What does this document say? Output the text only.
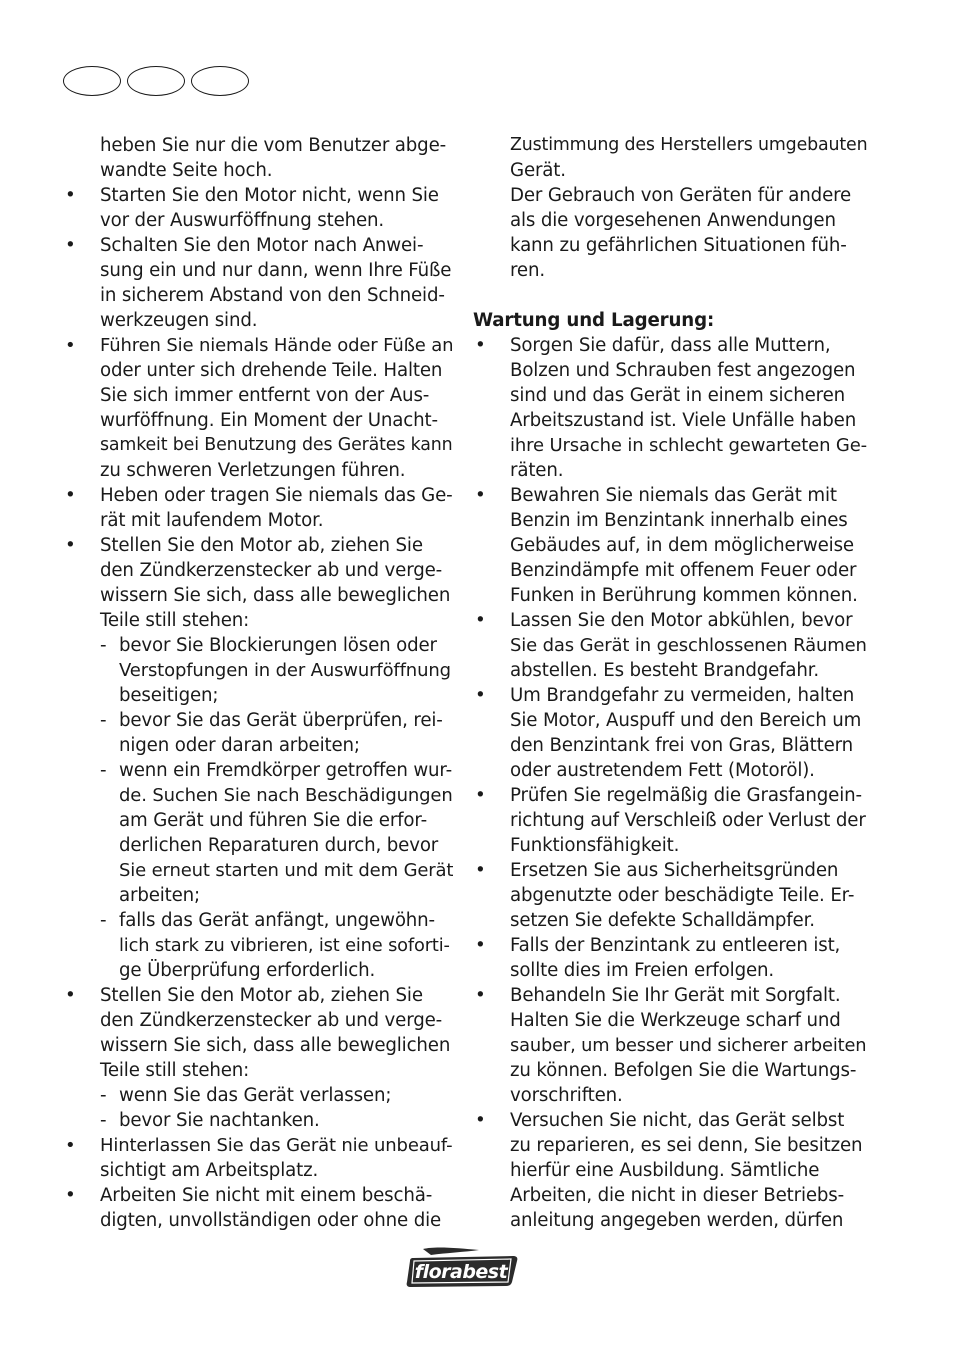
heben Sie nur die vom Benutzer abge-
wandte Seite hoch.
• Starten Sie den Motor nicht, wenn Sie
vor der Auswurföffnung stehen.
• Schalten Sie den Motor nach Anwei-
sung ein und nur dann, wenn Ihre Füße
in sicherem Abstand von den Schneid-
werkzeugen sind.
• Führen Sie niemals Hände oder Füße an
oder unter sich drehende Teile. Halten
Sie sich immer entfernt von der Aus-
wurföffnung. Ein Moment der Unacht-
samkeit bei Benutzung des Gerätes kann
zu schweren Verletzungen führen.
• Heben oder tragen Sie niemals das Ge-
rät mit laufendem Motor.
• Stellen Sie den Motor ab, ziehen Sie
den Zündkerzenstecker ab und verge-
wissern Sie sich, dass alle beweglichen
Teile still stehen:
- bevor Sie Blockierungen lösen oder
Verstopfungen in der Auswurföffnung
beseitigen;
- bevor Sie das Gerät überprüfen, rei-
nigen oder daran arbeiten;
- wenn ein Fremdkörper getroffen wur-
de. Suchen Sie nach Beschädigungen
am Gerät und führen Sie die erfor-
derlichen Reparaturen durch, bevor
Sie erneut starten und mit dem Gerät
arbeiten;
- falls das Gerät anfängt, ungewöhn-
lich stark zu vibrieren, ist eine soforti-
ge Überprüfung erforderlich.
• Stellen Sie den Motor ab, ziehen Sie
den Zündkerzenstecker ab und verge-
wissern Sie sich, dass alle beweglichen
Teile still stehen:
- wenn Sie das Gerät verlassen;
- bevor Sie nachtanken.
• Hinterlassen Sie das Gerät nie unbeauf-
sichtigt am Arbeitsplatz.
• Arbeiten Sie nicht mit einem beschä-
digten, unvollständigen oder ohne die
Zustimmung des Herstellers umgebauten
Gerät.
Der Gebrauch von Geräten für andere
als die vorgesehenen Anwendungen
kann zu gefährlichen Situationen füh-
ren.
Wartung und Lagerung:
• Sorgen Sie dafür, dass alle Muttern,
Bolzen und Schrauben fest angezogen
sind und das Gerät in einem sicheren
Arbeitszustand ist. Viele Unfälle haben
ihre Ursache in schlecht gewarteten Ge-
räten.
• Bewahren Sie niemals das Gerät mit
Benzin im Benzintank innerhalb eines
Gebäudes auf, in dem möglicherweise
Benzindämpfe mit offenem Feuer oder
Funken in Berührung kommen können.
• Lassen Sie den Motor abkühlen, bevor
Sie das Gerät in geschlossenen Räumen
abstellen. Es besteht Brandgefahr.
• Um Brandgefahr zu vermeiden, halten
Sie Motor, Auspuff und den Bereich um
den Benzintank frei von Gras, Blättern
oder austretendem Fett (Motoröl).
• Prüfen Sie regelmäßig die Grasfangein-
richtung auf Verschleiß oder Verlust der
Funktionsfähigkeit.
• Ersetzen Sie aus Sicherheitsgründen
abgenutzte oder beschädigte Teile. Er-
setzen Sie defekte Schalldämpfer.
• Falls der Benzintank zu entleeren ist,
sollte dies im Freien erfolgen.
• Behandeln Sie Ihr Gerät mit Sorgfalt.
Halten Sie die Werkzeuge scharf und
sauber, um besser und sicherer arbeiten
zu können. Befolgen Sie die Wartungs-
vorschriften.
• Versuchen Sie nicht, das Gerät selbst
zu reparieren, es sei denn, Sie besitzen
hierfür eine Ausbildung. Sämtliche
Arbeiten, die nicht in dieser Betriebs-
anleitung angegeben werden, dürfen
florabest
